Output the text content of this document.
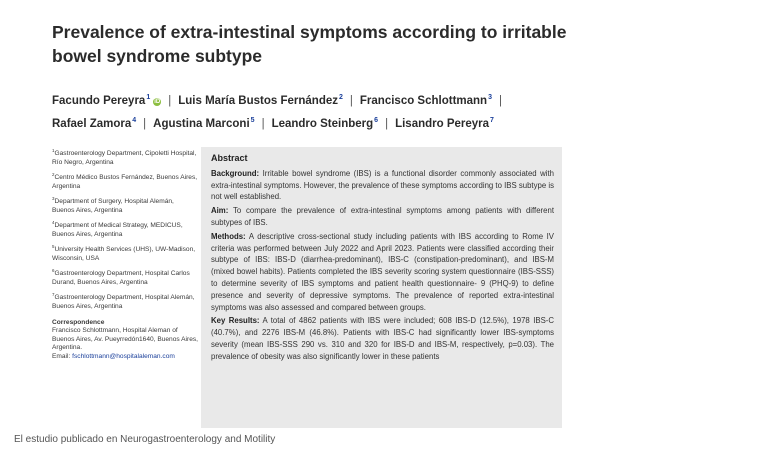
Prevalence of extra-intestinal symptoms according to irritable bowel syndrome subtype
Facundo Pereyra$^1$iD | Luis María Bustos Fernández$^2$ | Francisco Schlottmann$^3$ |
Rafael Zamora$^4$ | Agustina Marconi$^5$ | Leandro Steinberg$^6$ | Lisandro Pereyra$^7$
$^1$Gastroenterology Department, Cipoletti Hospital, Río Negro, Argentina
$^2$Centro Médico Bustos Fernández, Buenos Aires, Argentina
$^3$Department of Surgery, Hospital Alemán, Buenos Aires, Argentina
$^4$Department of Medical Strategy, MEDICUS, Buenos Aires, Argentina
$^5$University Health Services (UHS), UW-Madison, Wisconsin, USA
$^6$Gastroenterology Department, Hospital Carlos Durand, Buenos Aires, Argentina
$^7$Gastroenterology Department, Hospital Alemán, Buenos Aires, Argentina
Correspondence
Francisco Schlottmann, Hospital Aleman of Buenos Aires, Av. Pueyrredón1640, Buenos Aires, Argentina.
Email: fschlottmann@hospitalaleman.com
Abstract

Background: Irritable bowel syndrome (IBS) is a functional disorder commonly associated with extra-intestinal symptoms. However, the prevalence of these symptoms according to IBS subtype is not well established.

Aim: To compare the prevalence of extra-intestinal symptoms among patients with different subtypes of IBS.

Methods: A descriptive cross-sectional study including patients with IBS according to Rome IV criteria was performed between July 2022 and April 2023. Patients were classified according their subtype of IBS: IBS-D (diarrhea-predominant), IBS-C (constipation-predominant), and IBS-M (mixed bowel habits). Patients completed the IBS severity scoring system questionnaire (IBS-SSS) to determine severity of IBS symptoms and patient health questionnaire- 9 (PHQ-9) to define presence and severity of depressive symptoms. The prevalence of reported extra-intestinal symptoms was also assessed and compared between groups.

Key Results: A total of 4862 patients with IBS were included; 608 IBS-D (12.5%), 1978 IBS-C (40.7%), and 2276 IBS-M (46.8%). Patients with IBS-C had significantly lower IBS-symptoms severity (mean IBS-SSS 290 vs. 310 and 320 for IBS-D and IBS-M, respectively, p=0.03). The prevalence of obesity was also significantly lower in these patients

El estudio publicado en Neurogastroenterology and Motility
